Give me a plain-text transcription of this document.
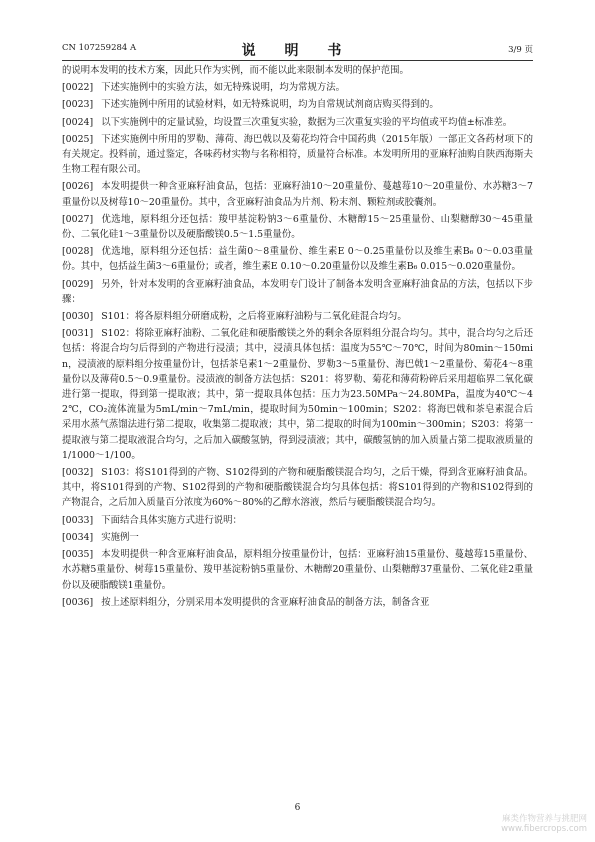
CN 107259284 A	说 明 书	3/9 页

的说明本发明的技术方案，因此只作为实例，而不能以此来限制本发明的保护范围。

[0022] 下述实施例中的实验方法，如无特殊说明，均为常规方法。

[0023] 下述实施例中所用的试验材料，如无特殊说明，均为自常规试剂商店购买得到的。

[0024] 以下实施例中的定量试验，均设置三次重复实验，数据为三次重复实验的平均值或平均值±标准差。

[0025] 下述实施例中所用的罗勒、薄荷、海巴戟以及菊花均符合中国药典（2015年版）一部正文各药材项下的有关规定。投料前，通过鉴定，各味药材实物与名称相符，质量符合标准。本发明所用的亚麻籽油购自陕西海斯夫生物工程有限公司。

[0026] 本发明提供一种含亚麻籽油食品，包括：亚麻籽油10～20重量份、蔓越莓10～20重量份、水苏糖3～7重量份以及树莓10～20重量份。其中，含亚麻籽油食品为片剂、粉末剂、颗粒剂或胶囊剂。

[0027] 优选地，原料组分还包括：羧甲基淀粉钠3～6重量份、木糖醇15～25重量份、山梨糖醇30～45重量份、二氧化硅1～3重量份以及硬脂酸镁0.5～1.5重量份。

[0028] 优选地，原料组分还包括：益生菌0～8重量份、维生素E 0～0.25重量份以及维生素B₆ 0～0.03重量份。其中，包括益生菌3～6重量份；或者，维生素E 0.10～0.20重量份以及维生素B₆ 0.015～0.020重量份。

[0029] 另外，针对本发明的含亚麻籽油食品，本发明专门设计了制备本发明含亚麻籽油食品的方法，包括以下步骤：

[0030] S101：将各原料组分研磨成粉，之后将亚麻籽油粉与二氧化硅混合均匀。

[0031] S102：将除亚麻籽油粉、二氧化硅和硬脂酸镁之外的剩余各原料组分混合均匀。其中，混合均匀之后还包括：将混合均匀后得到的产物进行浸渍；其中，浸渍具体包括：温度为55℃～70℃，时间为80min～150min，浸渍液的原料组分按重量份计，包括茶皂素1～2重量份、罗勒3～5重量份、海巴戟1～2重量份、菊花4～8重量份以及薄荷0.5～0.9重量份。浸渍液的制备方法包括：S201：将罗勒、菊花和薄荷粉碎后采用超临界二氧化碳进行第一提取，得到第一提取液；其中，第一提取具体包括：压力为23.50MPa～24.80MPa，温度为40℃～42℃，CO₂流体流量为5mL/min～7mL/min，提取时间为50min～100min；S202：将海巴戟和茶皂素混合后采用水蒸气蒸馏法进行第二提取，收集第二提取液；其中，第二提取的时间为100min～300min；S203：将第一提取液与第二提取液混合均匀，之后加入碳酸氢钠，得到浸渍液；其中，碳酸氢钠的加入质量占第二提取液质量的1/1000～1/100。

[0032] S103：将S101得到的产物、S102得到的产物和硬脂酸镁混合均匀，之后干燥，得到含亚麻籽油食品。其中，将S101得到的产物、S102得到的产物和硬脂酸镁混合均匀具体包括：将S101得到的产物和S102得到的产物混合，之后加入质量百分浓度为60%～80%的乙醇水溶液，然后与硬脂酸镁混合均匀。

[0033] 下面结合具体实施方式进行说明：

[0034] 实施例一

[0035] 本发明提供一种含亚麻籽油食品，原料组分按重量份计，包括：亚麻籽油15重量份、蔓越莓15重量份、水苏糖5重量份、树莓15重量份、羧甲基淀粉钠5重量份、木糖醇20重量份、山梨糖醇37重量份、二氧化硅2重量份以及硬脂酸镁1重量份。

[0036] 按上述原料组分，分别采用本发明提供的含亚麻籽油食品的制备方法，制备含亚

6
麻类作物营养与挑肥网
www.fibercrops.com
